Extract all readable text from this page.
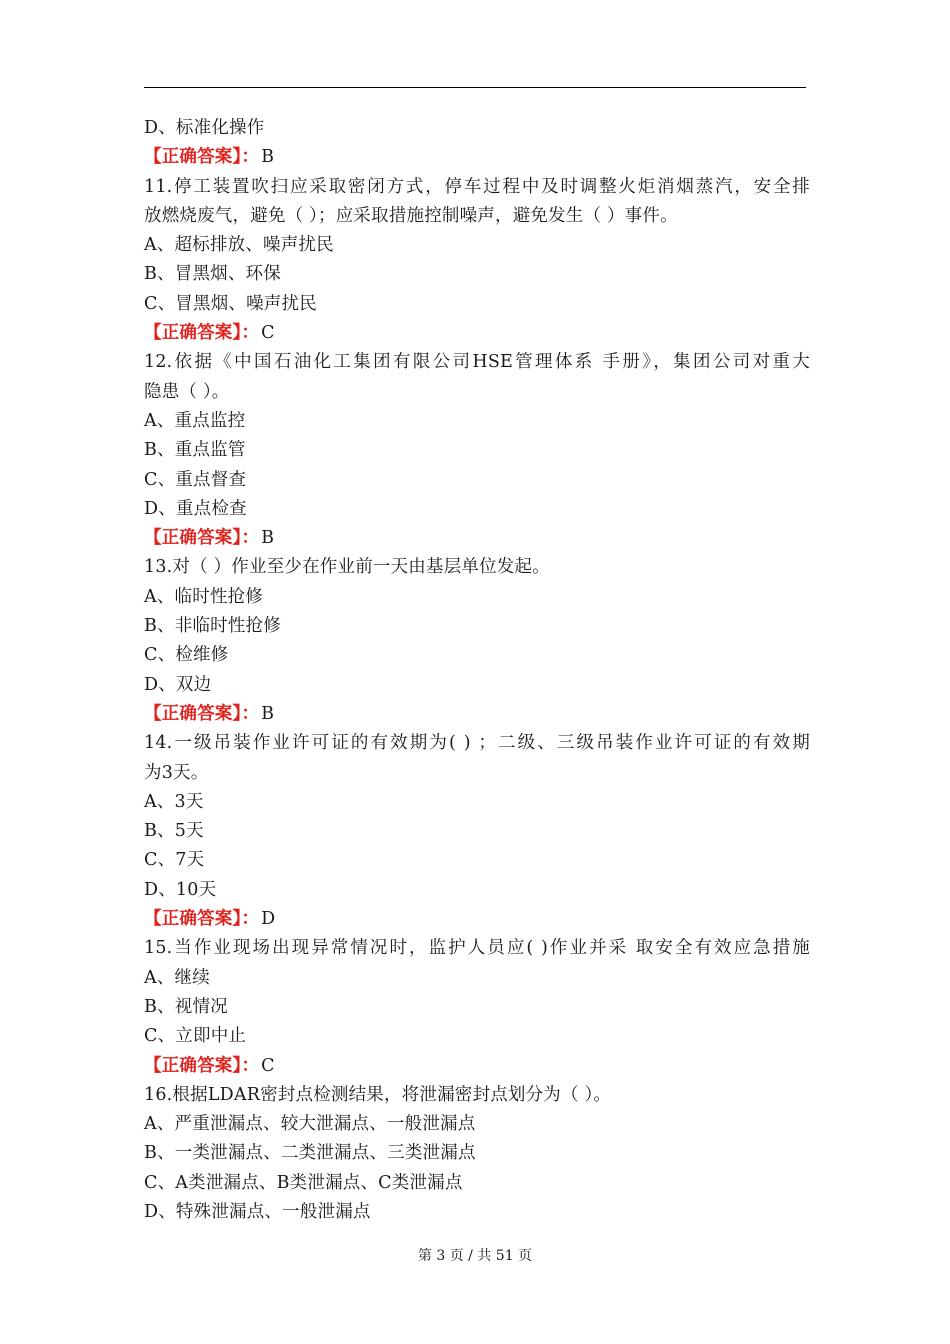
D、标准化操作
【正确答案】： B
11.停工装置吹扫应采取密闭方式，停车过程中及时调整火炬消烟蒸汽，安全排
放燃烧废气，避免（ ）；应采取措施控制噪声，避免发生（ ）事件。
A、超标排放、噪声扰民
B、冒黑烟、环保
C、冒黑烟、噪声扰民
【正确答案】： C
12.依据《中国石油化工集团有限公司HSE管理体系 手册》，集团公司对重大
隐患（ ）。
A、重点监控
B、重点监管
C、重点督查
D、重点检查
【正确答案】： B
13.对（ ）作业至少在作业前一天由基层单位发起。
A、临时性抢修
B、非临时性抢修
C、检维修
D、双边
【正确答案】： B
14.一级吊装作业许可证的有效期为( ) ；二级、三级吊装作业许可证的有效期
为3天。
A、3天
B、5天
C、7天
D、10天
【正确答案】： D
15.当作业现场出现异常情况时，监护人员应( )作业并采 取安全有效应急措施
A、继续
B、视情况
C、立即中止
【正确答案】： C
16.根据LDAR密封点检测结果，将泄漏密封点划分为（ ）。
A、严重泄漏点、较大泄漏点、一般泄漏点
B、一类泄漏点、二类泄漏点、三类泄漏点
C、A类泄漏点、B类泄漏点、C类泄漏点
D、特殊泄漏点、一般泄漏点
第 3 页 / 共 51 页
